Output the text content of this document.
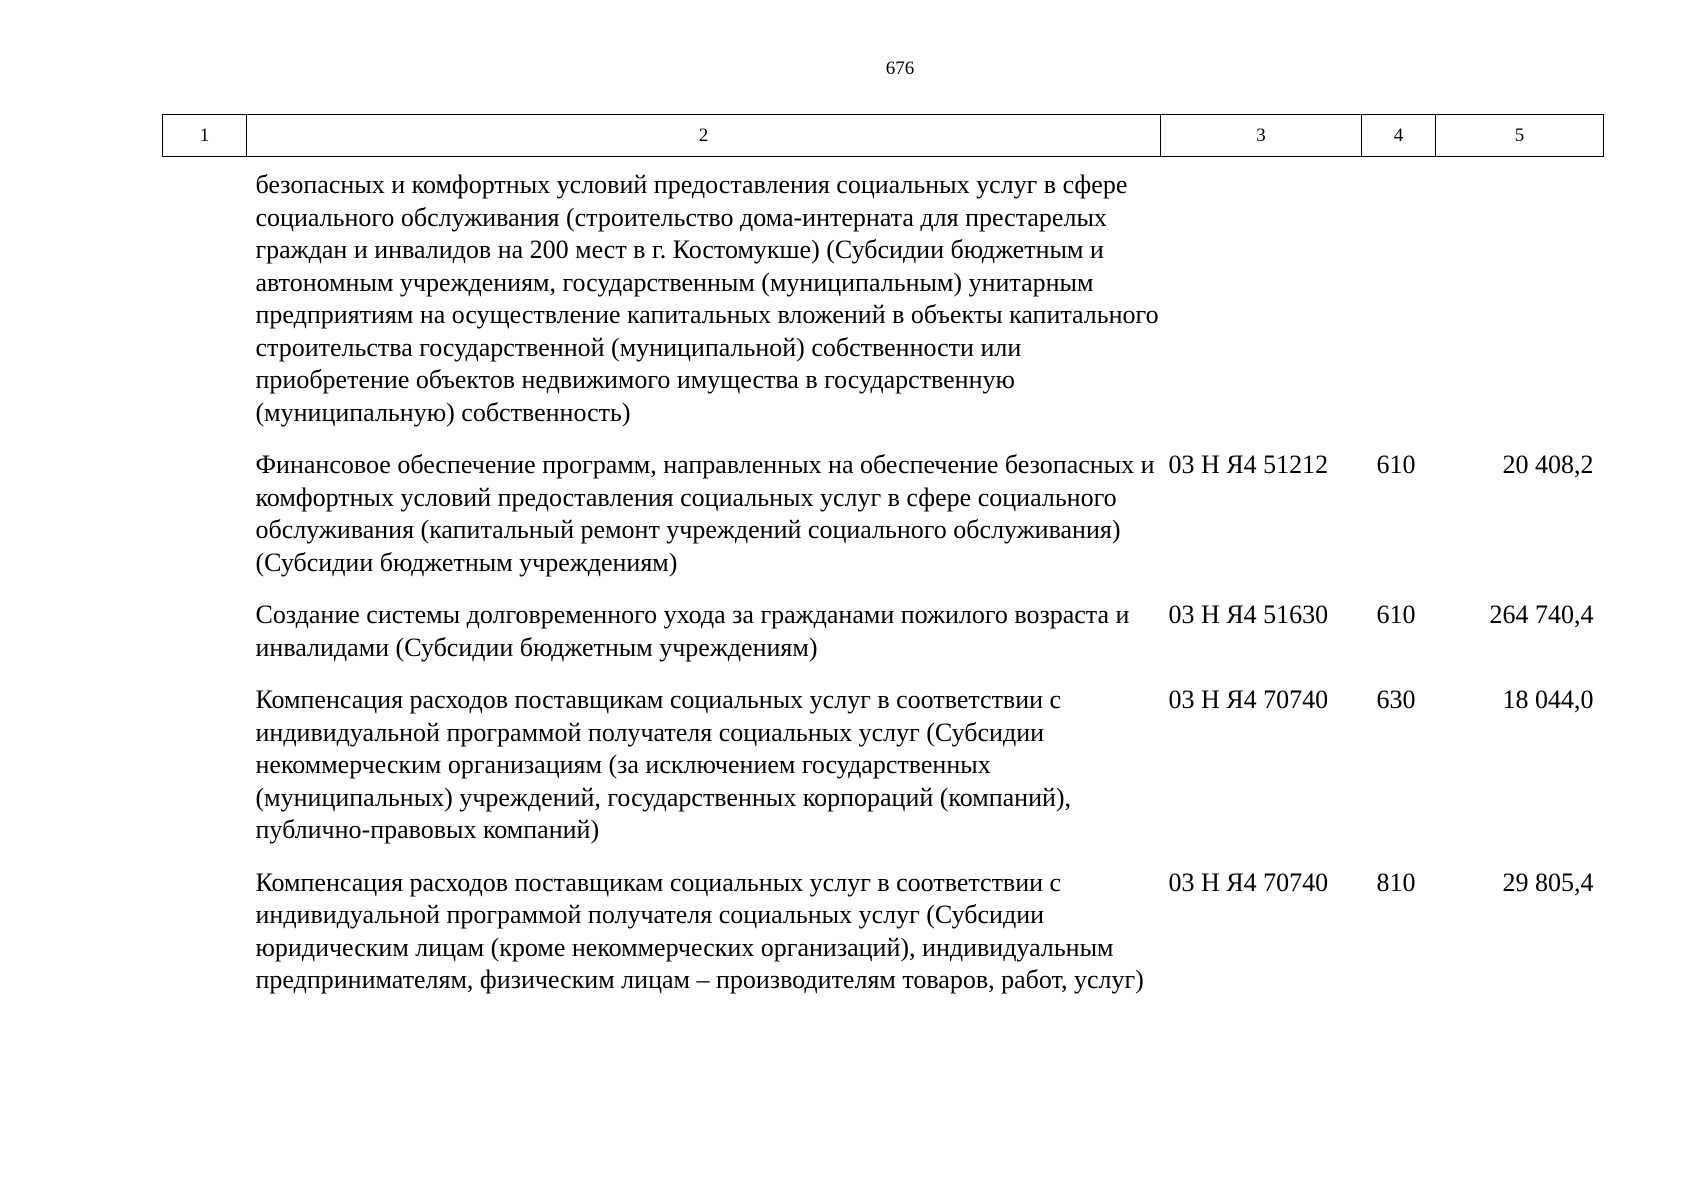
676
1	2	3	4	5
	безопасных и комфортных условий предоставления социальных услуг в сфере социального обслуживания (строительство дома-интерната для престарелых граждан и инвалидов на 200 мест в г. Костомукше) (Субсидии бюджетным и автономным учреждениям, государственным (муниципальным) унитарным предприятиям на осуществление капитальных вложений в объекты капитального строительства государственной (муниципальной) собственности или приобретение объектов недвижимого имущества в государственную (муниципальную) собственность)			
	Финансовое обеспечение программ, направленных на обеспечение безопасных и комфортных условий предоставления социальных услуг в сфере социального обслуживания (капитальный ремонт учреждений социального обслуживания) (Субсидии бюджетным учреждениям)	03 Н Я4 51212	610	20 408,2
	Создание системы долговременного ухода за гражданами пожилого возраста и инвалидами (Субсидии бюджетным учреждениям)	03 Н Я4 51630	610	264 740,4
	Компенсация расходов поставщикам социальных услуг в соответствии с индивидуальной программой получателя социальных услуг (Субсидии некоммерческим организациям (за исключением государственных (муниципальных) учреждений, государственных корпораций (компаний), публично-правовых компаний)	03 Н Я4 70740	630	18 044,0
	Компенсация расходов поставщикам социальных услуг в соответствии с индивидуальной программой получателя социальных услуг (Субсидии юридическим лицам (кроме некоммерческих организаций), индивидуальным предпринимателям, физическим лицам – производителям товаров, работ, услуг)	03 Н Я4 70740	810	29 805,4
